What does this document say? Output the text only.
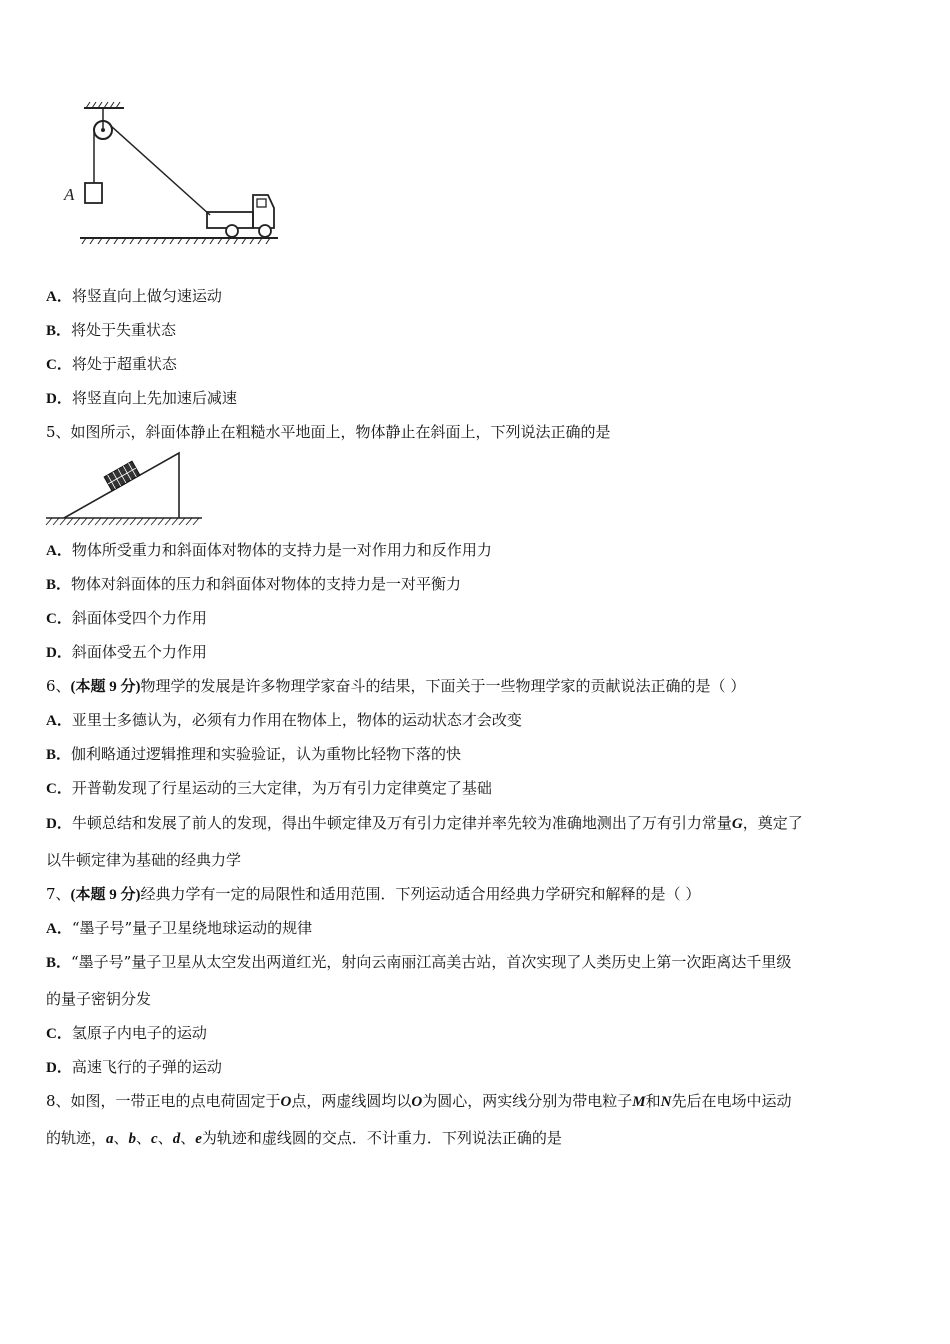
A
A．将竖直向上做匀速运动
B．将处于失重状态
C．将处于超重状态
D．将竖直向上先加速后减速
5、如图所示，斜面体静止在粗糙水平地面上，物体静止在斜面上，下列说法正确的是
A．物体所受重力和斜面体对物体的支持力是一对作用力和反作用力
B．物体对斜面体的压力和斜面体对物体的支持力是一对平衡力
C．斜面体受四个力作用
D．斜面体受五个力作用
6、(本题 9 分)物理学的发展是许多物理学家奋斗的结果，下面关于一些物理学家的贡献说法正确的是（ ）
A．亚里士多德认为，必须有力作用在物体上，物体的运动状态才会改变
B．伽利略通过逻辑推理和实验验证，认为重物比轻物下落的快
C．开普勒发现了行星运动的三大定律，为万有引力定律奠定了基础
D．牛顿总结和发展了前人的发现，得出牛顿定律及万有引力定律并率先较为准确地测出了万有引力常量G，奠定了
以牛顿定律为基础的经典力学
7、(本题 9 分)经典力学有一定的局限性和适用范围．下列运动适合用经典力学研究和解释的是（ ）
A．“墨子号”量子卫星绕地球运动的规律
B．“墨子号”量子卫星从太空发出两道红光，射向云南丽江高美古站，首次实现了人类历史上第一次距离达千里级
的量子密钥分发
C．氢原子内电子的运动
D．高速飞行的子弹的运动
8、如图，一带正电的点电荷固定于O点，两虚线圆均以O为圆心，两实线分别为带电粒子M和N先后在电场中运动
的轨迹，a、b、c、d、e为轨迹和虚线圆的交点．不计重力．下列说法正确的是
